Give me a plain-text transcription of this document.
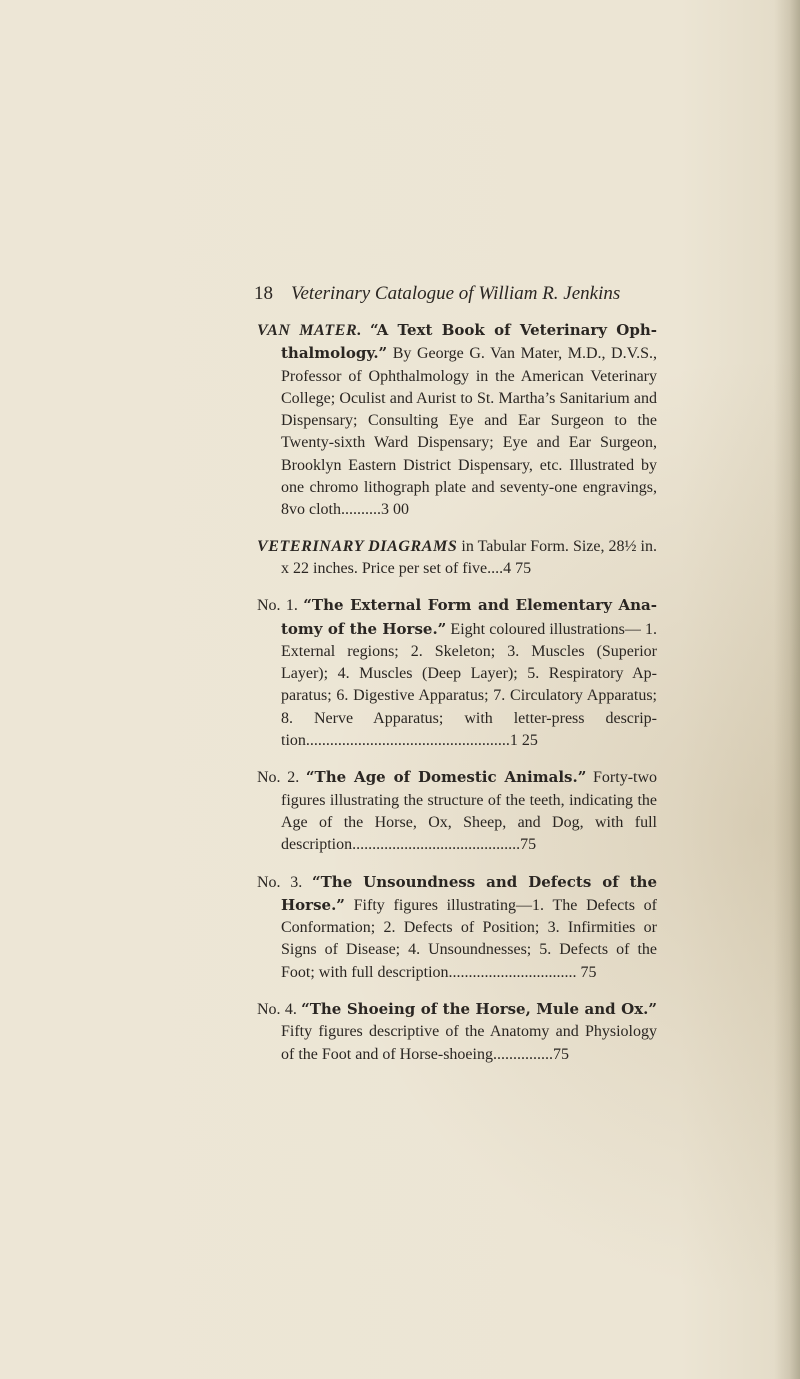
18 Veterinary Catalogue of William R. Jenkins

VAN MATER. “A Text Book of Veterinary Ophthalmology.” By George G. Van Mater, M.D., D.V.S., Professor of Ophthalmology in the American Veterinary College; Oculist and Aurist to St. Martha’s Sanitarium and Dispensary; Consulting Eye and Ear Surgeon to the Twenty-sixth Ward Dispensary; Eye and Ear Surgeon, Brooklyn Eastern District Dispensary, etc. Illustrated by one chromo lithograph plate and seventy-one engravings, 8vo cloth..........3 00

VETERINARY DIAGRAMS in Tabular Form. Size, 28½ in. x 22 inches. Price per set of five....4 75

No. 1. “The External Form and Elementary Anatomy of the Horse.” Eight coloured illustrations— 1. External regions; 2. Skeleton; 3. Muscles (Superior Layer); 4. Muscles (Deep Layer); 5. Respiratory Apparatus; 6. Digestive Apparatus; 7. Circulatory Apparatus; 8. Nerve Apparatus; with letter-press description...................................................1 25

No. 2. “The Age of Domestic Animals.” Forty-two figures illustrating the structure of the teeth, indicating the Age of the Horse, Ox, Sheep, and Dog, with full description..........................................75

No. 3. “The Unsoundness and Defects of the Horse.” Fifty figures illustrating—1. The Defects of Conformation; 2. Defects of Position; 3. Infirmities or Signs of Disease; 4. Unsoundnesses; 5. Defects of the Foot; with full description................................ 75

No. 4. “The Shoeing of the Horse, Mule and Ox.” Fifty figures descriptive of the Anatomy and Physiology of the Foot and of Horse-shoeing...............75
